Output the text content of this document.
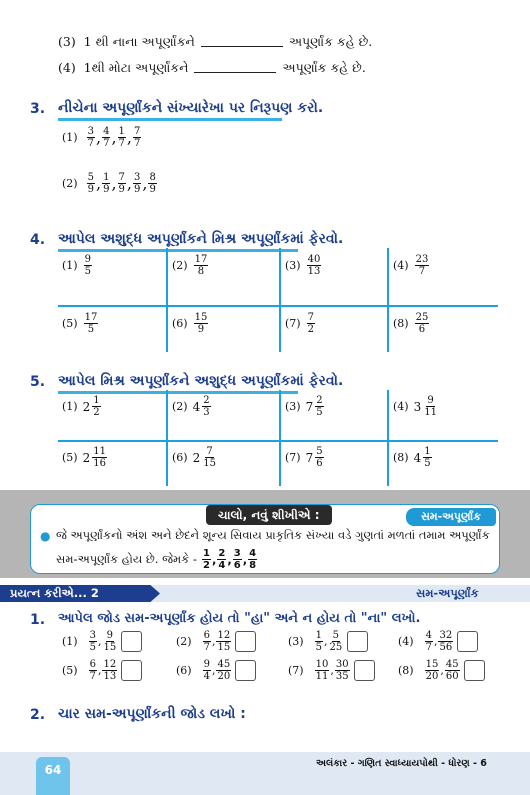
(3) 1 થી નાના અપૂર્ણાંકને	અપૂર્ણાંક કહે છે.
(4) 1થી મોટા અપૂર્ણાંકને	અપૂર્ણાંક કહે છે.
3. નીચેના અપૂર્ણાંકને સંખ્યારેખા પર નિરૂપણ કરો.
$(1) \frac{3}{7}$ , $\frac{4}{7}$ , $\frac{1}{7}$ , $\frac{7}{7}$
$(2) \frac{5}{9}$ , $\frac{1}{9}$ , $\frac{7}{9}$ , $\frac{3}{9}$ , $\frac{8}{9}$
4. આપેલ અશુદ્ધ અપૂર્ણાંકને મિશ્ર અપૂર્ણાંકમાં ફેરવો.
$(1) \frac{9}{5}$	$(2) \frac{17}{8}$	$(3) \frac{40}{13}$	$(4) \frac{23}{7}$
$(5) \frac{17}{5}$	$(6) \frac{15}{9}$	$(7) \frac{7}{2}$	$(8) \frac{25}{6}$
5. આપેલ મિશ્ર અપૂર્ણાંકને અશુદ્ધ અપૂર્ણાંકમાં ફેરવો.
(1) $2 \frac{1}{2}$	(2) $4 \frac{2}{3}$	(3) $7 \frac{2}{5}$	(4) $3 \frac{9}{11}$
(5) $2 \frac{11}{16}$	(6) $2 \frac{7}{15}$	(7) $7 \frac{5}{6}$	(8) $4 \frac{1}{5}$
ચાલો, નવું શીખીએ :	સમ-અપૂર્ણાંક
● જે અપૂર્ણાંકનો અંશ અને છેદને શૂન્ય સિવાય પ્રાકૃતિક સંખ્યા વડે ગુણતાં મળતાં તમામ અપૂર્ણાંક
સમ-અપૂર્ણાંક હોય છે. જેમકે - $\frac{1}{2}$ , $\frac{2}{4}$ , $\frac{3}{6}$ , $\frac{4}{8}$
પ્રયત્ન કરીએ... 2	સમ-અપૂર્ણાંક
1. આપેલ જોડ સમ-અપૂર્ણાંક હોય તો "હા" અને ન હોય તો "ના" લખો.
$(1) \frac{3}{5}$ , $\frac{9}{15}$	$(2) \frac{6}{7}$ , $\frac{12}{15}$	$(3) \frac{1}{5}$ , $\frac{5}{25}$	$(4) \frac{4}{7}$ , $\frac{32}{56}$
$(5) \frac{6}{7}$ , $\frac{12}{13}$	$(6) \frac{9}{4}$ , $\frac{45}{20}$	$(7) \frac{10}{11}$ , $\frac{30}{35}$	$(8) \frac{15}{20}$ , $\frac{45}{60}$
2. ચાર સમ-અપૂર્ણાંકની જોડ લખો :
અલંકાર - ગણિત સ્વાધ્યાયપોથી - ધોરણ - 6
64
